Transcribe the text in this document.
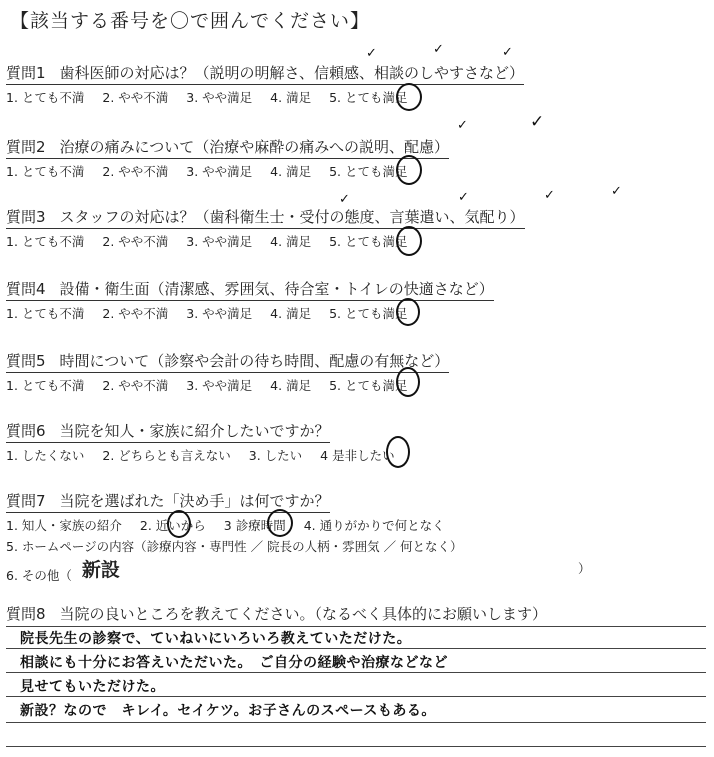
【該当する番号を〇で囲んでください】
質問1 歯科医師の対応は？（説明の明解さ、信頼感、相談のしやすさなど）
1. とても不満 2. やや不満 3. やや満足 4. 満足 5. とても満足
✓	✓	✓
質問2 治療の痛みについて（治療や麻酔の痛みへの説明、配慮）
1. とても不満 2. やや不満 3. やや満足 4. 満足 5. とても満足
✓	✓
質問3 スタッフの対応は？（歯科衛生士・受付の態度、言葉遣い、気配り）
1. とても不満 2. やや不満 3. やや満足 4. 満足 5. とても満足
✓	✓	✓	✓
質問4 設備・衛生面（清潔感、雰囲気、待合室・トイレの快適さなど）
1. とても不満 2. やや不満 3. やや満足 4. 満足 5. とても満足
質問5 時間について（診察や会計の待ち時間、配慮の有無など）
1. とても不満 2. やや不満 3. やや満足 4. 満足 5. とても満足
質問6 当院を知人・家族に紹介したいですか？
1. したくない 2. どちらとも言えない 3. したい 4 是非したい
質問7 当院を選ばれた「決め手」は何ですか？
1. 知人・家族の紹介 2. 近いから 3 診療時間 4. 通りがかりで何となく
5. ホームページの内容（診療内容・専門性 ／ 院長の人柄・雰囲気 ／ 何となく）
6. その他（ 新設	）
質問8 当院の良いところを教えてください。（なるべく具体的にお願いします）
院長先生の診察で、ていねいにいろいろ教えていただけた。
相談にも十分にお答えいただいた。　ご自分の経験や治療などなど
見せてもいただけた。
新設？なので　キレイ。セイケツ。お子さんのスペースもある。
